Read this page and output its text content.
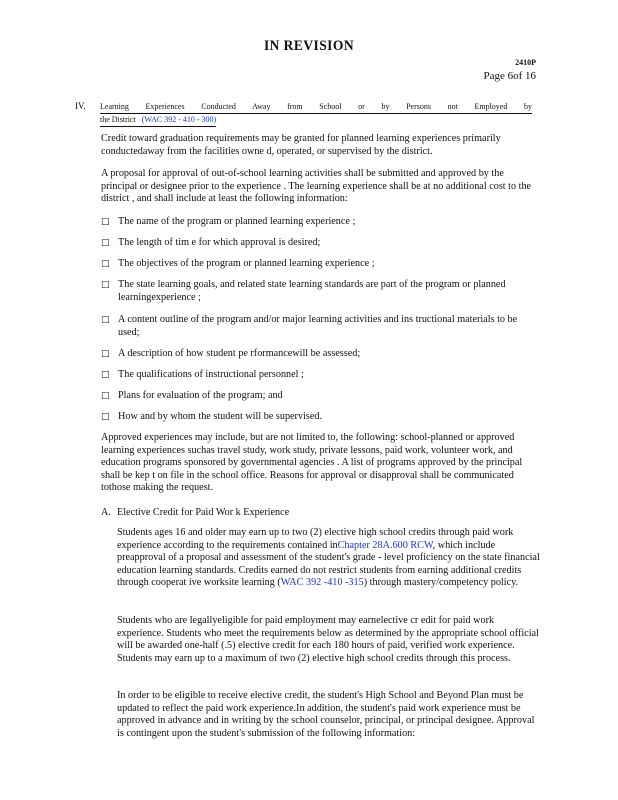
IN REVISION
2410P
Page 6of 16
IV. Learning Experiences Conducted Away from School or by Persons not Employed by
the District (WAC 392 - 410 - 300)

Credit toward graduation requirements may be granted for planned learning experiences primarily conductedaway from the facilities owne d, operated, or supervised by the district.

A proposal for approval of out-of-school learning activities shall be submitted and approved by the principal or designee prior to the experience . The learning experience shall be at no additional cost to the district , and shall include at least the following information:

□ The name of the program or planned learning experience ;
□ The length of tim e for which approval is desired;
□ The objectives of the program or planned learning experience ;
□ The state learning goals, and related state learning standards are part of the program or planned learningexperience ;
□ A content outline of the program and/or major learning activities and ins tructional materials to be used;
□ A description of how student pe rformancewill be assessed;
□ The qualifications of instructional personnel ;
□ Plans for evaluation of the program; and
□ How and by whom the student will be supervised.

Approved experiences may include, but are not limited to, the following: school-planned or approved learning experiences suchas travel study, work study, private lessons, paid work, volunteer work, and education programs sponsored by governmental agencies . A list of programs approved by the principal shall be kep t on file in the school office. Reasons for approval or disapproval shall be communicated tothose making the request.

A. Elective Credit for Paid Wor k Experience
Students ages 16 and older may earn up to two (2) elective high school credits through paid work experience according to the requirements contained inChapter 28A.600 RCW, which include preapproval of a proposal and assessment of the student's grade - level proficiency on the state financial education learning standards. Credits earned do not restrict students from earning additional credits through cooperat ive worksite learning (WAC 392 -410 -315) through mastery/competency policy.

Students who are legallyeligible for paid employment may earnelective cr edit for paid work experience. Students who meet the requirements below as determined by the appropriate school official will be awarded one-half (.5) elective credit for each 180 hours of paid, verified work experience. Students may earn up to a maximum of two (2) elective high school credits through this process.

In order to be eligible to receive elective credit, the student's High School and Beyond Plan must be updated to reflect the paid work experience.In addition, the student's paid work experience must be approved in advance and in writing by the school counselor, principal, or principal designee. Approval is contingent upon the student's submission of the following information:
